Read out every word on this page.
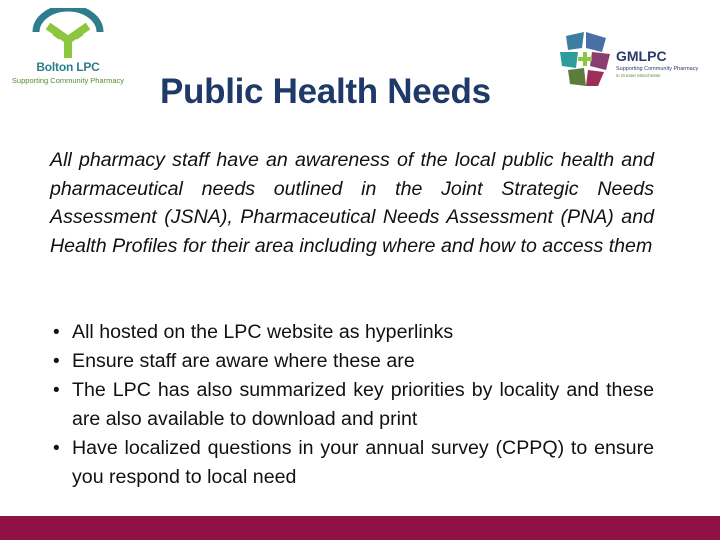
Bolton LPC
Supporting Community Pharmacy
GMLPC
Supporting Community Pharmacy
in Greater Manchester
Public Health Needs

All pharmacy staff have an awareness of the local public health and pharmaceutical needs outlined in the Joint Strategic Needs Assessment (JSNA), Pharmaceutical Needs Assessment (PNA) and Health Profiles for their area including where and how to access them

• All hosted on the LPC website as hyperlinks
• Ensure staff are aware where these are
• The LPC has also summarized key priorities by locality and these are also available to download and print
• Have localized questions in your annual survey (CPPQ) to ensure you respond to local need
